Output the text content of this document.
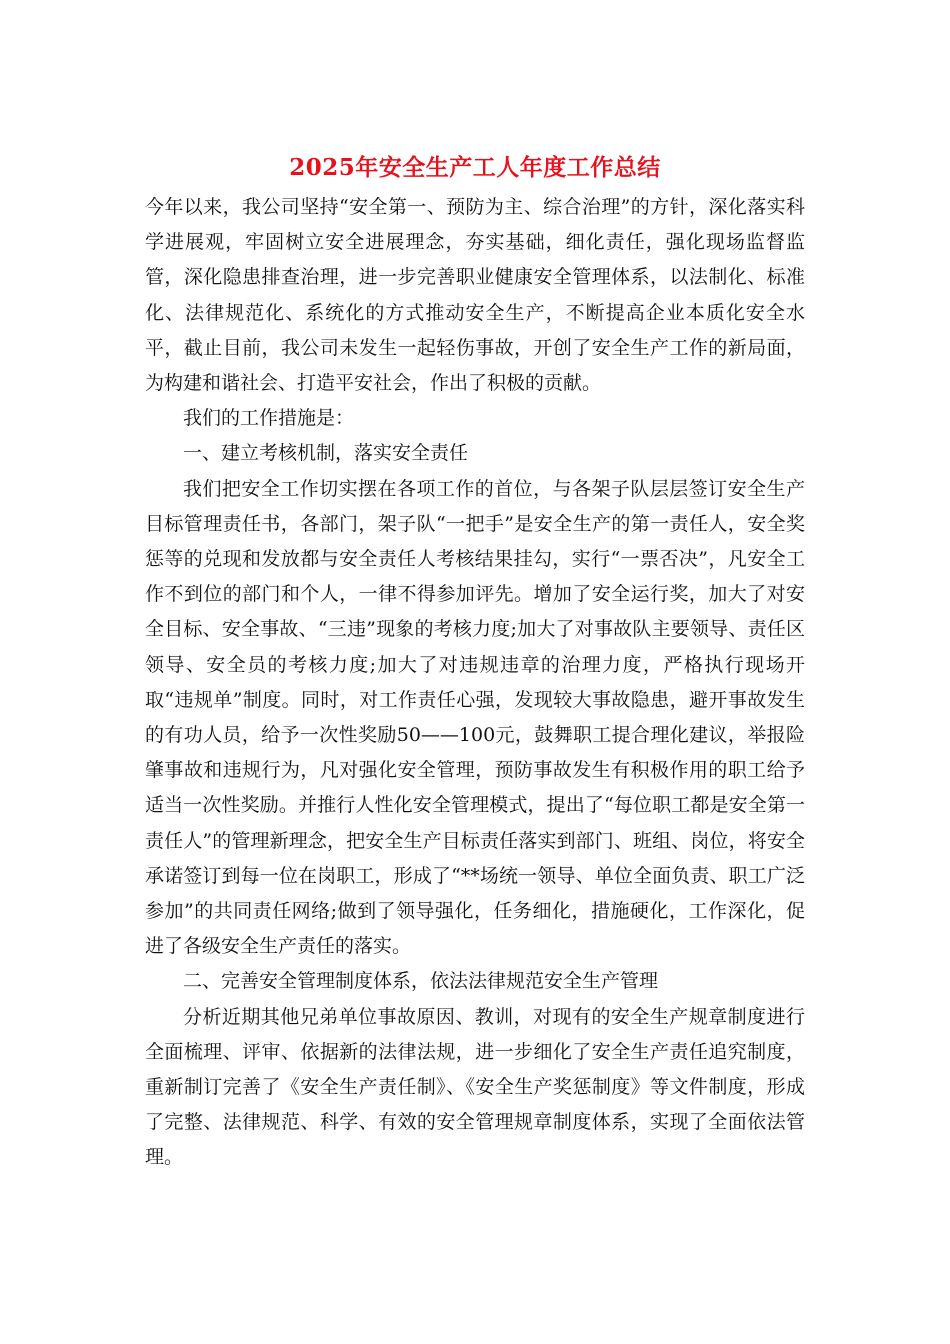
2025年安全生产工人年度工作总结

今年以来，我公司坚持“安全第一、预防为主、综合治理”的方针，深化落实科学进展观，牢固树立安全进展理念，夯实基础，细化责任，强化现场监督监管，深化隐患排查治理，进一步完善职业健康安全管理体系，以法制化、标准化、法律规范化、系统化的方式推动安全生产，不断提高企业本质化安全水平，截止目前，我公司未发生一起轻伤事故，开创了安全生产工作的新局面，为构建和谐社会、打造平安社会，作出了积极的贡献。

我们的工作措施是：

一、建立考核机制，落实安全责任

我们把安全工作切实摆在各项工作的首位，与各架子队层层签订安全生产目标管理责任书，各部门，架子队“一把手”是安全生产的第一责任人，安全奖惩等的兑现和发放都与安全责任人考核结果挂勾，实行“一票否决”，凡安全工作不到位的部门和个人，一律不得参加评先。增加了安全运行奖，加大了对安全目标、安全事故、“三违”现象的考核力度;加大了对事故队主要领导、责任区领导、安全员的考核力度;加大了对违规违章的治理力度，严格执行现场开取“违规单”制度。同时，对工作责任心强，发现较大事故隐患，避开事故发生的有功人员，给予一次性奖励50——100元，鼓舞职工提合理化建议，举报险肇事故和违规行为，凡对强化安全管理，预防事故发生有积极作用的职工给予适当一次性奖励。并推行人性化安全管理模式，提出了“每位职工都是安全第一责任人”的管理新理念，把安全生产目标责任落实到部门、班组、岗位，将安全承诺签订到每一位在岗职工，形成了“**场统一领导、单位全面负责、职工广泛参加”的共同责任网络;做到了领导强化，任务细化，措施硬化，工作深化，促进了各级安全生产责任的落实。

二、完善安全管理制度体系，依法法律规范安全生产管理

分析近期其他兄弟单位事故原因、教训，对现有的安全生产规章制度进行全面梳理、评审、依据新的法律法规，进一步细化了安全生产责任追究制度，重新制订完善了《安全生产责任制》、《安全生产奖惩制度》等文件制度，形成了完整、法律规范、科学、有效的安全管理规章制度体系，实现了全面依法管理。
